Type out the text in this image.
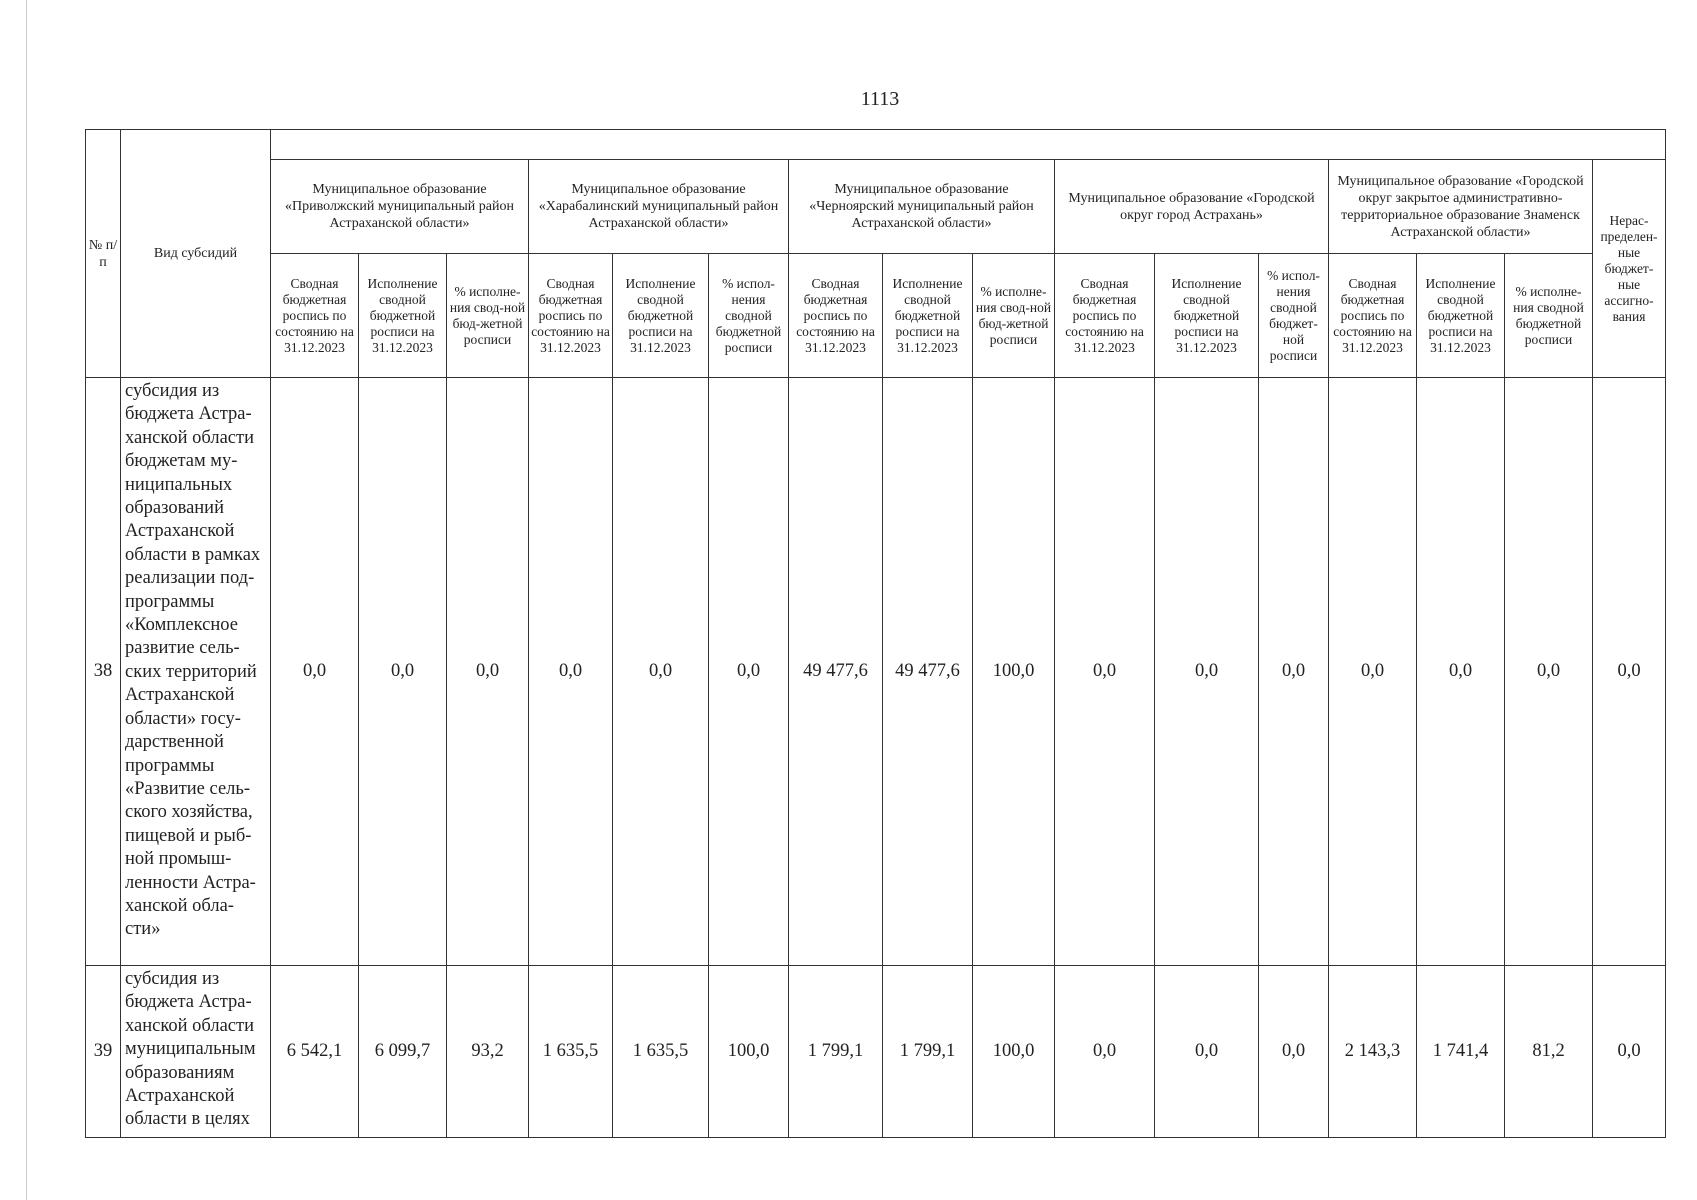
1113
№ п/п	Вид субсидий																
		Муниципальное образование «Приволжский муниципальный район Астраханской области»			Муниципальное образование «Харабалинский муниципальный район Астраханской области»			Муниципальное образование «Черноярский муниципальный район Астраханской области»			Муниципальное образование «Городской округ город Астрахань»			Муниципальное образование «Городской округ закрытое административно-территориальное образование Знаменск Астраханской области»			Нерас-пределен-ные бюджет-ные ассигно-вания
		Сводная бюджетная роспись по состоянию на 31.12.2023	Исполнение сводной бюджетной росписи на 31.12.2023	% исполне-ния свод-ной бюд-жетной росписи	Сводная бюджетная роспись по состоянию на 31.12.2023	Исполнение сводной бюджетной росписи на 31.12.2023	% испол-нения сводной бюджетной росписи	Сводная бюджетная роспись по состоянию на 31.12.2023	Исполнение сводной бюджетной росписи на 31.12.2023	% исполне-ния свод-ной бюд-жетной росписи	Сводная бюджетная роспись по состоянию на 31.12.2023	Исполнение сводной бюджетной росписи на 31.12.2023	% испол-нения сводной бюджет-ной росписи	Сводная бюджетная роспись по состоянию на 31.12.2023	Исполнение сводной бюджетной росписи на 31.12.2023	% исполне-ния сводной бюджетной росписи	
38	субсидия из бюджета Астра-ханской области бюджетам му-ниципальных образований Астраханской области в рамках реализации под-программы «Комплексное развитие сель-ских территорий Астраханской области» госу-дарственной программы «Развитие сель-ского хозяйства, пищевой и рыб-ной промыш-ленности Астра-ханской обла-сти»	0,0	0,0	0,0	0,0	0,0	0,0	49 477,6	49 477,6	100,0	0,0	0,0	0,0	0,0	0,0	0,0	0,0
39	субсидия из бюджета Астра-ханской области муниципальным образованиям Астраханской области в целях	6 542,1	6 099,7	93,2	1 635,5	1 635,5	100,0	1 799,1	1 799,1	100,0	0,0	0,0	0,0	2 143,3	1 741,4	81,2	0,0
